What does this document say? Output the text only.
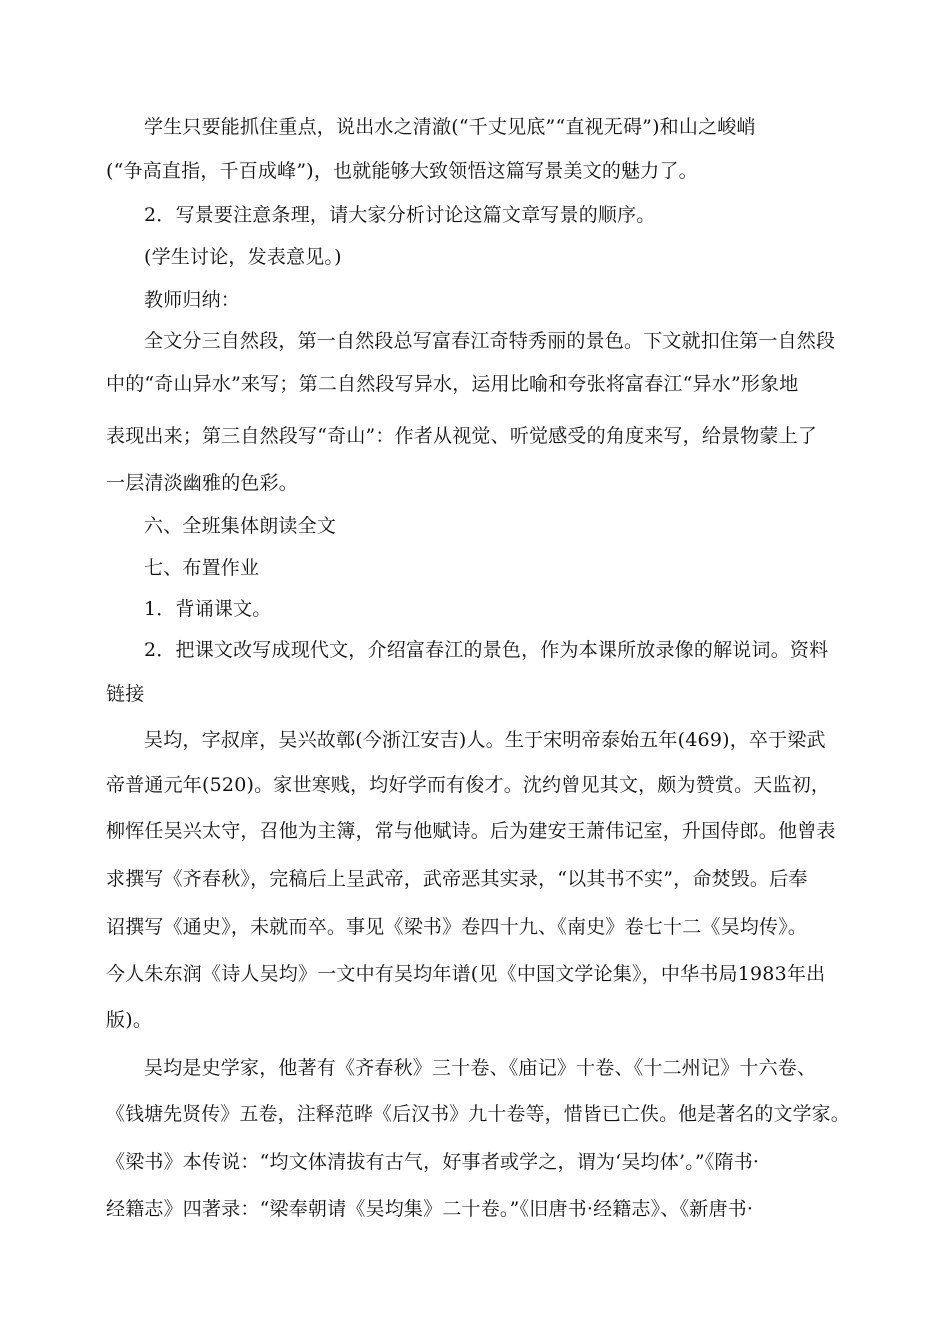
学生只要能抓住重点，说出水之清澈(“千丈见底”“直视无碍”)和山之峻峭
(“争高直指，千百成峰”)，也就能够大致领悟这篇写景美文的魅力了。
2．写景要注意条理，请大家分析讨论这篇文章写景的顺序。
(学生讨论，发表意见。)
教师归纳：
全文分三自然段，第一自然段总写富春江奇特秀丽的景色。下文就扣住第一自然段
中的“奇山异水”来写；第二自然段写异水，运用比喻和夸张将富春江“异水”形象地
表现出来；第三自然段写“奇山”：作者从视觉、听觉感受的角度来写，给景物蒙上了
一层清淡幽雅的色彩。
六、全班集体朗读全文
七、布置作业
1．背诵课文。
2．把课文改写成现代文，介绍富春江的景色，作为本课所放录像的解说词。资料
链接
吴均，字叔庠，吴兴故鄣(今浙江安吉)人。生于宋明帝泰始五年(469)，卒于梁武
帝普通元年(520)。家世寒贱，均好学而有俊才。沈约曾见其文，颇为赞赏。天监初，
柳恽任吴兴太守，召他为主簿，常与他赋诗。后为建安王萧伟记室，升国侍郎。他曾表
求撰写《齐春秋》，完稿后上呈武帝，武帝恶其实录，“以其书不实”，命焚毁。后奉
诏撰写《通史》，未就而卒。事见《梁书》卷四十九、《南史》卷七十二《吴均传》。
今人朱东润《诗人吴均》一文中有吴均年谱(见《中国文学论集》，中华书局1983年出
版)。
吴均是史学家，他著有《齐春秋》三十卷、《庙记》十卷、《十二州记》十六卷、
《钱塘先贤传》五卷，注释范晔《后汉书》九十卷等，惜皆已亡佚。他是著名的文学家。
《梁书》本传说：“均文体清拔有古气，好事者或学之，谓为‘吴均体’。”《隋书·
经籍志》四著录：“梁奉朝请《吴均集》二十卷。”《旧唐书·经籍志》、《新唐书·
